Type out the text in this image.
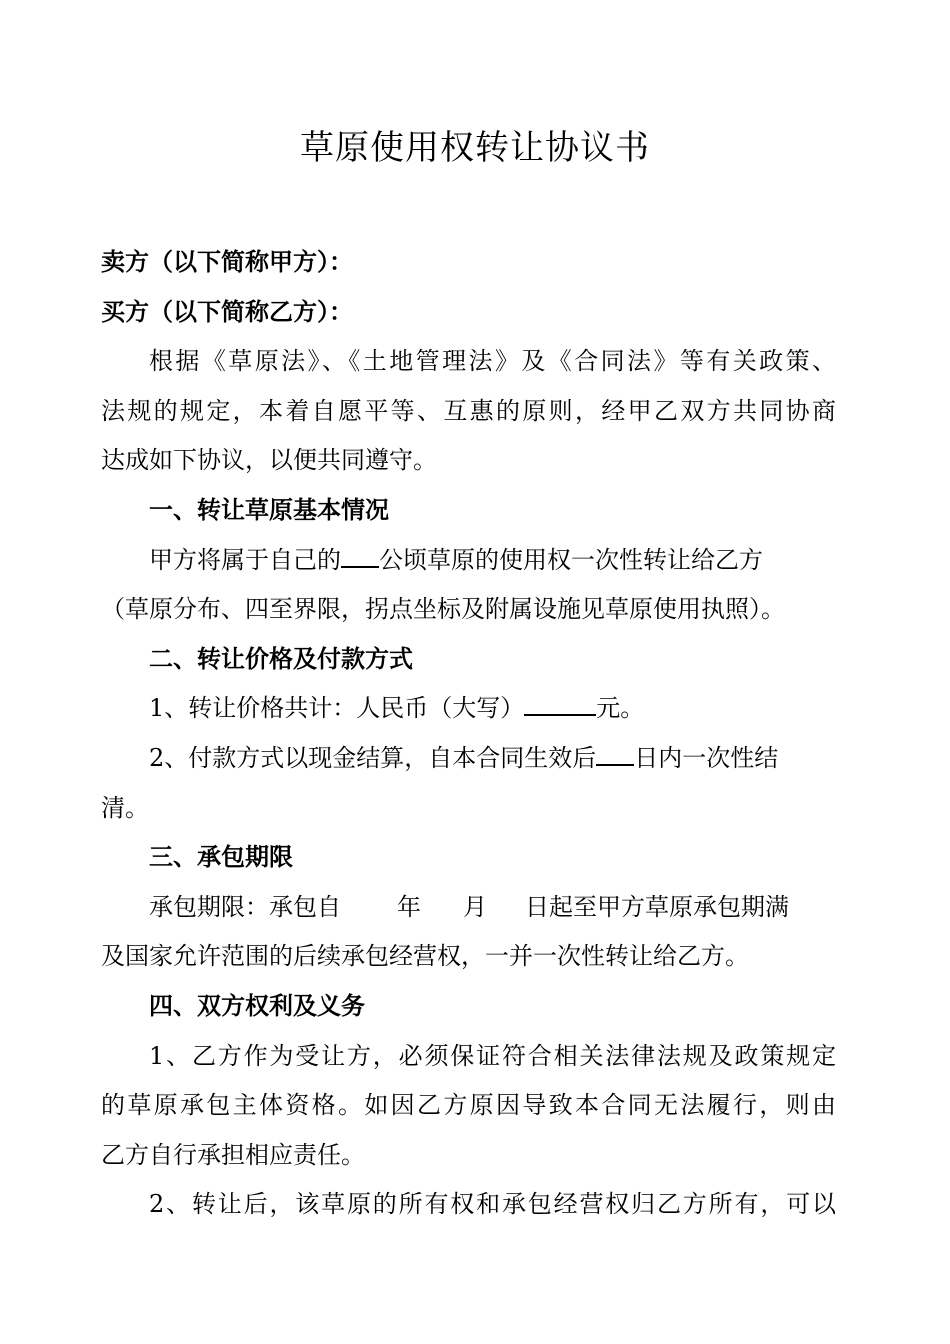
草原使用权转让协议书
卖方（以下简称甲方）：
买方（以下简称乙方）：
根据《草原法》、《土地管理法》及《合同法》等有关政策、
法规的规定，本着自愿平等、互惠的原则，经甲乙双方共同协商
达成如下协议，以便共同遵守。
一、转让草原基本情况
甲方将属于自己的 公顷草原的使用权一次性转让给乙方
（草原分布、四至界限，拐点坐标及附属设施见草原使用执照）。
二、转让价格及付款方式
1、转让价格共计：人民币（大写）	元。
2、付款方式以现金结算，自本合同生效后 日内一次性结
清。
三、承包期限
承包期限：承包自 年 月 日起至甲方草原承包期满
及国家允许范围的后续承包经营权，一并一次性转让给乙方。
四、双方权利及义务
1、乙方作为受让方，必须保证符合相关法律法规及政策规定
的草原承包主体资格。如因乙方原因导致本合同无法履行，则由
乙方自行承担相应责任。
2、转让后，该草原的所有权和承包经营权归乙方所有，可以
